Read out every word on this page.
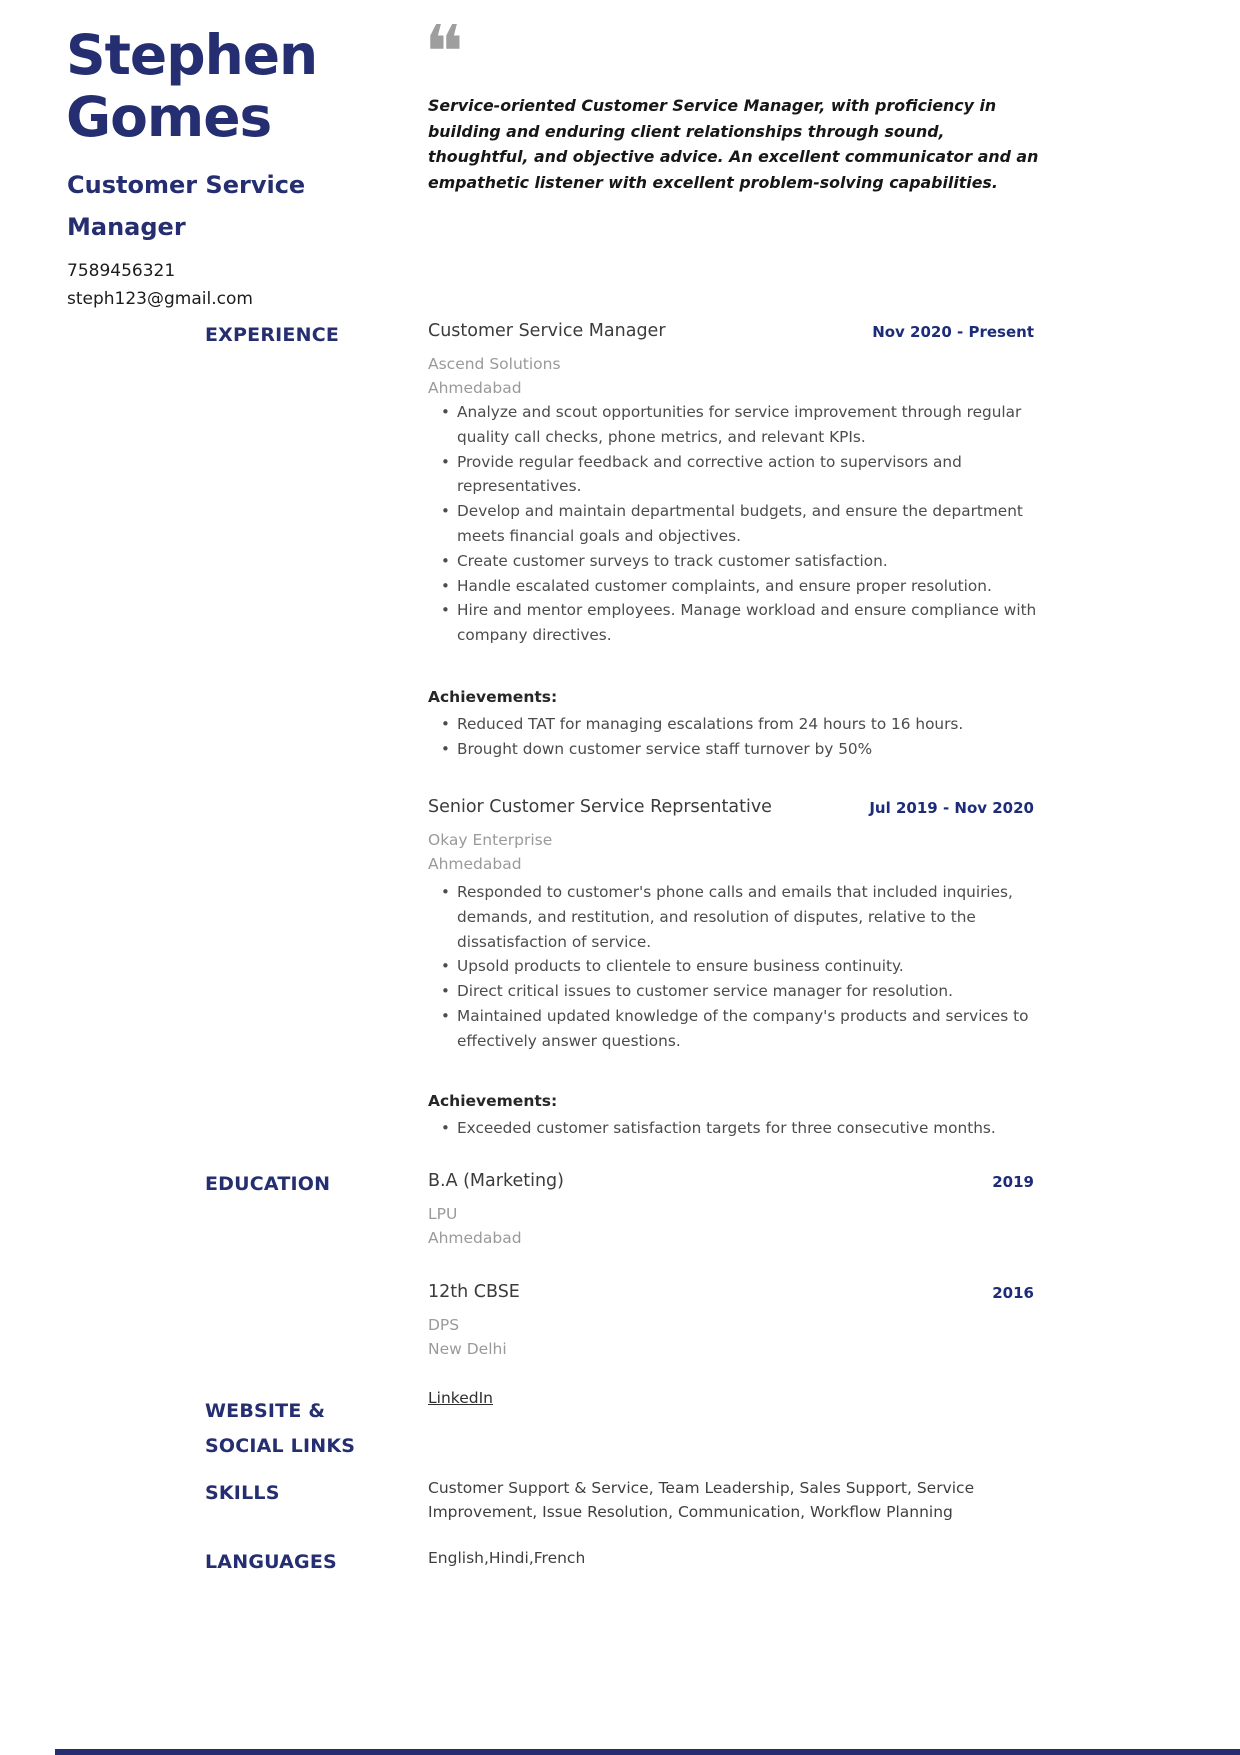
Stephen
Gomes
Customer Service Manager
7589456321
steph123@gmail.com
❝

Service-oriented Customer Service Manager, with proficiency in building and enduring client relationships through sound, thoughtful, and objective advice. An excellent communicator and an empathetic listener with excellent problem-solving capabilities.

EXPERIENCE
EDUCATION
WEBSITE & SOCIAL LINKS
SKILLS
LANGUAGES
Customer Service Manager	Nov 2020 - Present
Ascend Solutions
Ahmedabad
• Analyze and scout opportunities for service improvement through regular quality call checks, phone metrics, and relevant KPIs.
• Provide regular feedback and corrective action to supervisors and representatives.
• Develop and maintain departmental budgets, and ensure the department meets financial goals and objectives.
• Create customer surveys to track customer satisfaction.
• Handle escalated customer complaints, and ensure proper resolution.
• Hire and mentor employees. Manage workload and ensure compliance with company directives.
Achievements:
• Reduced TAT for managing escalations from 24 hours to 16 hours.
• Brought down customer service staff turnover by 50%
Senior Customer Service Reprsentative	Jul 2019 - Nov 2020
Okay Enterprise
Ahmedabad
• Responded to customer's phone calls and emails that included inquiries, demands, and restitution, and resolution of disputes, relative to the dissatisfaction of service.
• Upsold products to clientele to ensure business continuity.
• Direct critical issues to customer service manager for resolution.
• Maintained updated knowledge of the company's products and services to effectively answer questions.
Achievements:
• Exceeded customer satisfaction targets for three consecutive months.
B.A (Marketing)	2019
LPU
Ahmedabad
12th CBSE	2016
DPS
New Delhi
LinkedIn
Customer Support & Service, Team Leadership, Sales Support, Service Improvement, Issue Resolution, Communication, Workflow Planning
English,Hindi,French
